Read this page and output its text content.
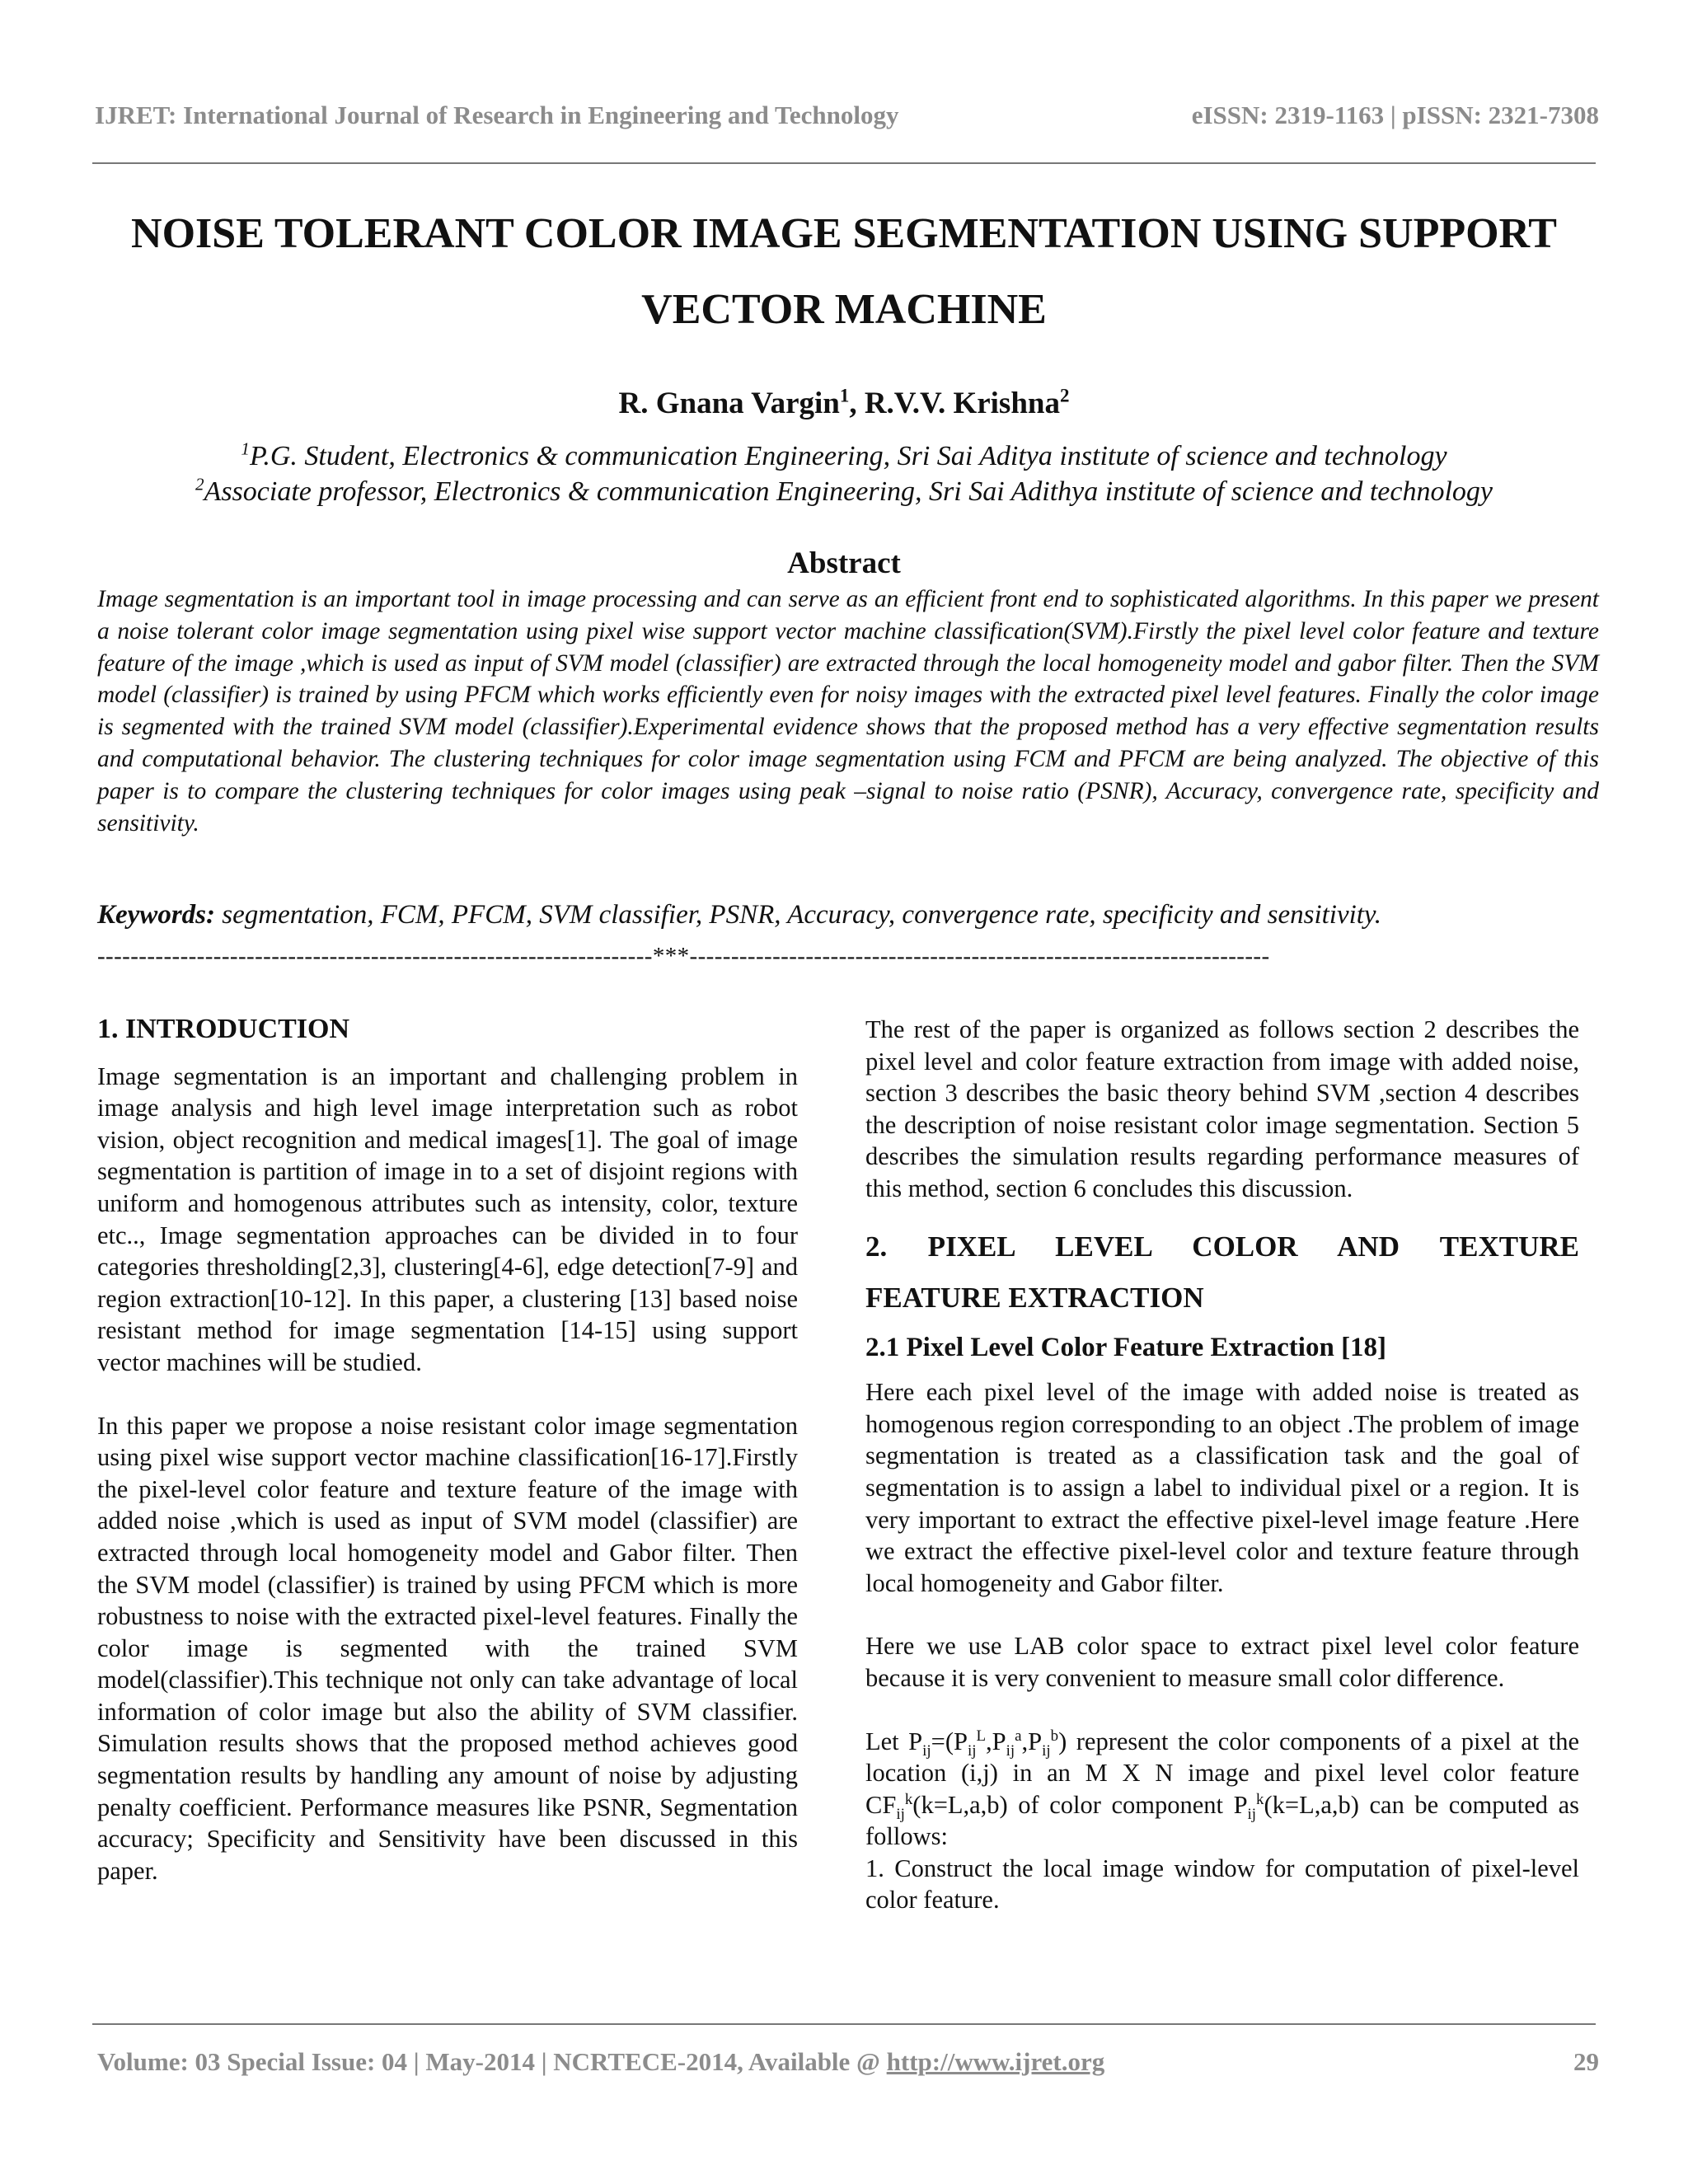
IJRET: International Journal of Research in Engineering and Technology	eISSN: 2319-1163 | pISSN: 2321-7308
NOISE TOLERANT COLOR IMAGE SEGMENTATION USING SUPPORT
VECTOR MACHINE
R. Gnana Vargin$^1$, R.V.V. Krishna$^2$
$^1$P.G. Student, Electronics & communication Engineering, Sri Sai Aditya institute of science and technology
$^2$Associate professor, Electronics & communication Engineering, Sri Sai Adithya institute of science and technology
Abstract
Image segmentation is an important tool in image processing and can serve as an efficient front end to sophisticated algorithms. In this paper we present a noise tolerant color image segmentation using pixel wise support vector machine classification(SVM).Firstly the pixel level color feature and texture feature of the image ,which is used as input of SVM model (classifier) are extracted through the local homogeneity model and gabor filter. Then the SVM model (classifier) is trained by using PFCM which works efficiently even for noisy images with the extracted pixel level features. Finally the color image is segmented with the trained SVM model (classifier).Experimental evidence shows that the proposed method has a very effective segmentation results and computational behavior. The clustering techniques for color image segmentation using FCM and PFCM are being analyzed. The objective of this paper is to compare the clustering techniques for color images using peak –signal to noise ratio (PSNR), Accuracy, convergence rate, specificity and sensitivity.
Keywords: segmentation, FCM, PFCM, SVM classifier, PSNR, Accuracy, convergence rate, specificity and sensitivity.
-------------------------------------------------------------------***----------------------------------------------------------------------
1. INTRODUCTION

Image segmentation is an important and challenging problem in image analysis and high level image interpretation such as robot vision, object recognition and medical images[1]. The goal of image segmentation is partition of image in to a set of disjoint regions with uniform and homogenous attributes such as intensity, color, texture etc.., Image segmentation approaches can be divided in to four categories thresholding[2,3], clustering[4-6], edge detection[7-9] and region extraction[10-12]. In this paper, a clustering [13] based noise resistant method for image segmentation [14-15] using support vector machines will be studied.

In this paper we propose a noise resistant color image segmentation using pixel wise support vector machine classification[16-17].Firstly the pixel-level color feature and texture feature of the image with added noise ,which is used as input of SVM model (classifier) are extracted through local homogeneity model and Gabor filter. Then the SVM model (classifier) is trained by using PFCM which is more robustness to noise with the extracted pixel-level features. Finally the color image is segmented with the trained SVM model(classifier).This technique not only can take advantage of local information of color image but also the ability of SVM classifier. Simulation results shows that the proposed method achieves good segmentation results by handling any amount of noise by adjusting penalty coefficient. Performance measures like PSNR, Segmentation accuracy; Specificity and Sensitivity have been discussed in this paper.

The rest of the paper is organized as follows section 2 describes the pixel level and color feature extraction from image with added noise, section 3 describes the basic theory behind SVM ,section 4 describes the description of noise resistant color image segmentation. Section 5 describes the simulation results regarding performance measures of this method, section 6 concludes this discussion.

2. PIXEL LEVEL COLOR AND TEXTURE
FEATURE EXTRACTION
2.1 Pixel Level Color Feature Extraction [18]

Here each pixel level of the image with added noise is treated as homogenous region corresponding to an object .The problem of image segmentation is treated as a classification task and the goal of segmentation is to assign a label to individual pixel or a region. It is very important to extract the effective pixel-level image feature .Here we extract the effective pixel-level color and texture feature through local homogeneity and Gabor filter.

Here we use LAB color space to extract pixel level color feature because it is very convenient to measure small color difference.

Let $P_{ij}=(P_{ij}^L,P_{ij}^a,P_{ij}^b)$ represent the color components of a pixel at the location (i,j) in an M X N image and pixel level color feature $CF_{ij}^k(k=L,a,b)$ of color component $P_{ij}^k(k=L,a,b)$ can be computed as follows:

1. Construct the local image window for computation of pixel-level color feature.

Volume: 03 Special Issue: 04 | May-2014 | NCRTECE-2014, Available @ http://www.ijret.org	29
